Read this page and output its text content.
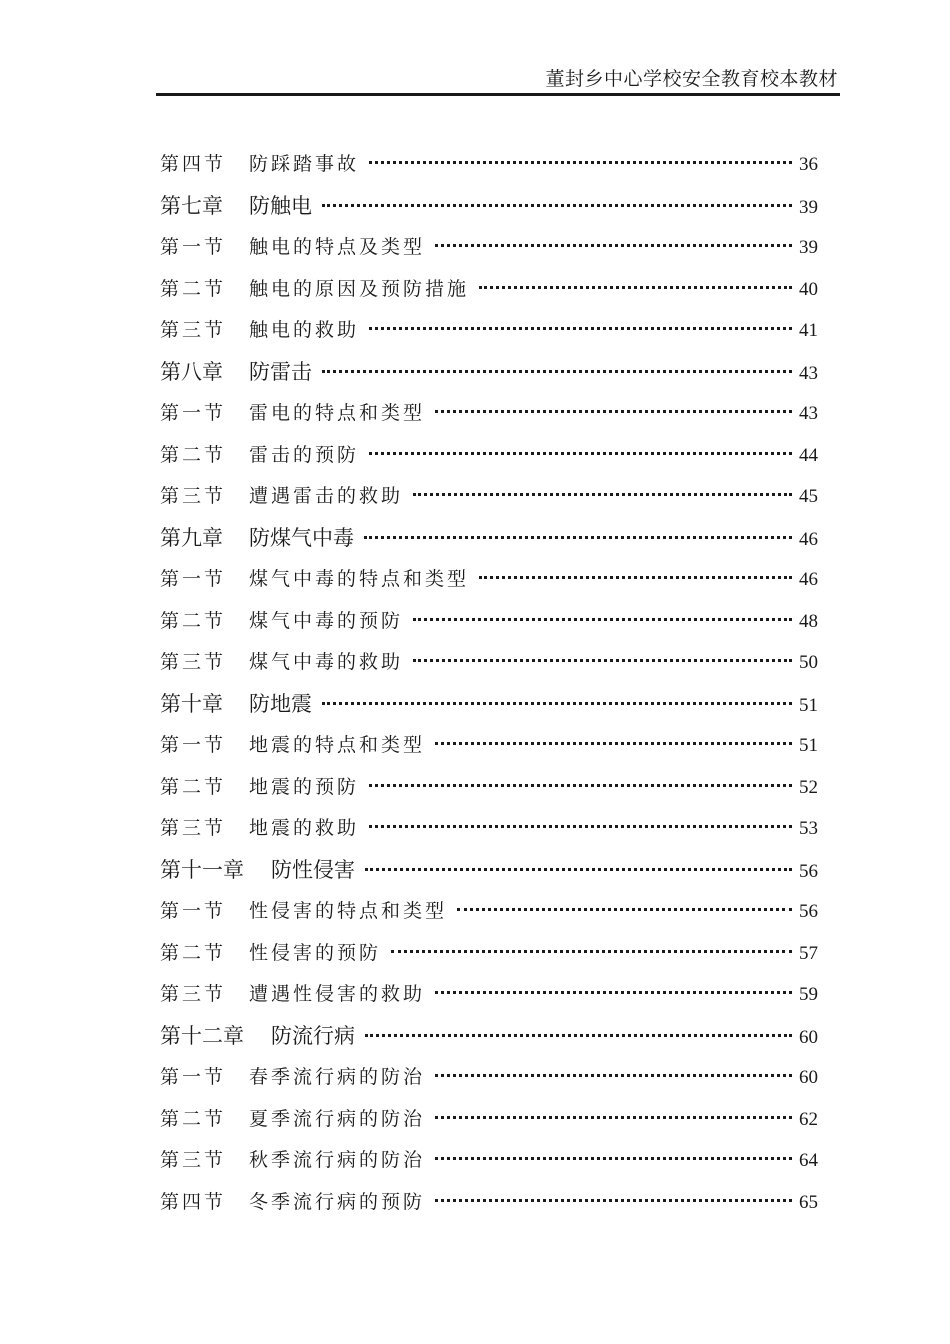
董封乡中心学校安全教育校本教材
第四节	防踩踏事故	36
第七章	防触电	39
第一节	触电的特点及类型	39
第二节	触电的原因及预防措施	40
第三节	触电的救助	41
第八章	防雷击	43
第一节	雷电的特点和类型	43
第二节	雷击的预防	44
第三节	遭遇雷击的救助	45
第九章	防煤气中毒	46
第一节	煤气中毒的特点和类型	46
第二节	煤气中毒的预防	48
第三节	煤气中毒的救助	50
第十章	防地震	51
第一节	地震的特点和类型	51
第二节	地震的预防	52
第三节	地震的救助	53
第十一章	防性侵害	56
第一节	性侵害的特点和类型	56
第二节	性侵害的预防	57
第三节	遭遇性侵害的救助	59
第十二章	防流行病	60
第一节	春季流行病的防治	60
第二节	夏季流行病的防治	62
第三节	秋季流行病的防治	64
第四节	冬季流行病的预防	65
